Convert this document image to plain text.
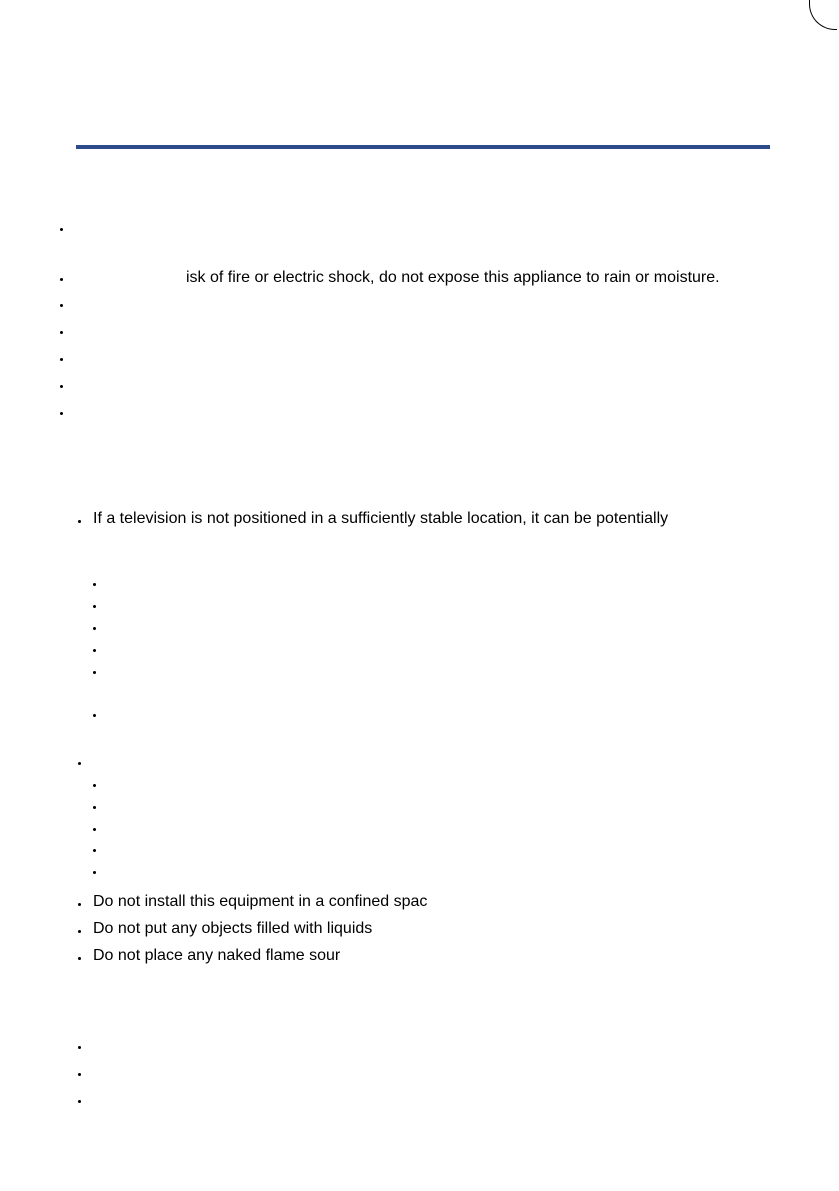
isk of fire or electric shock, do not expose this appliance to rain or moisture.
If a television is not positioned in a sufficiently stable location, it can be potentially
Do not install this equipment in a confined spac
Do not put any objects filled with liquids
Do not place any naked flame sour
